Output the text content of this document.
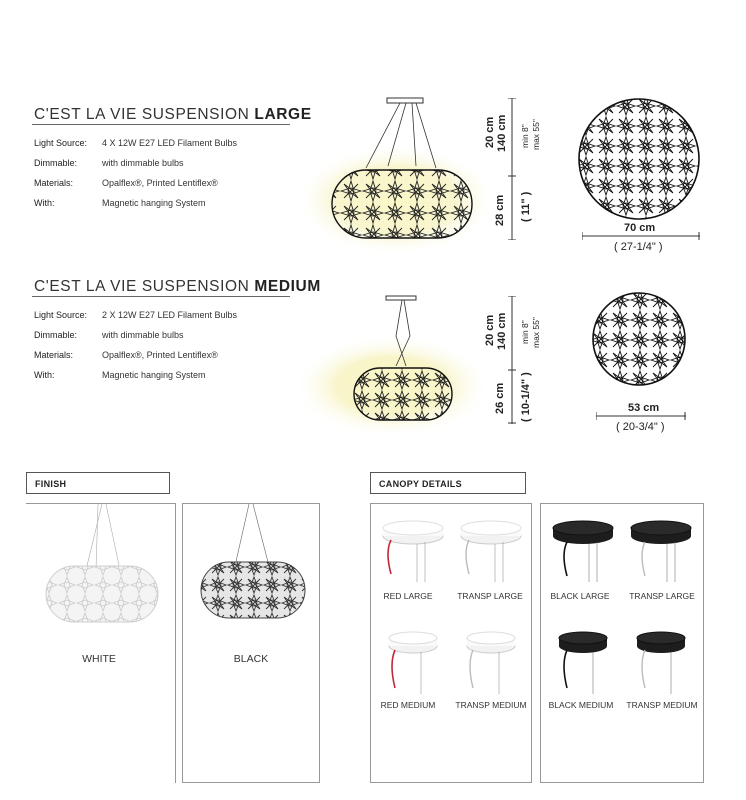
C'EST LA VIE SUSPENSION LARGE
Light Source: 4 X 12W E27 LED Filament Bulbs
Dimmable:	with dimmable bulbs
Materials:	Opalflex®, Printed Lentiflex®
With:	Magnetic hanging System
20 cm 140 cm min 8" max 55"
28 cm ( 11" )
70 cm
( 27-1/4" )
C'EST LA VIE SUSPENSION MEDIUM
Light Source: 2 X 12W E27 LED Filament Bulbs
Dimmable:	with dimmable bulbs
Materials:	Opalflex®, Printed Lentiflex®
With:	Magnetic hanging System
20 cm 140 cm min 8" max 55"
26 cm ( 10-1/4" )	53 cm
( 20-3/4" )
FINISH
WHITE	BLACK
CANOPY DETAILS
RED LARGE	TRANSP LARGE
RED MEDIUM	TRANSP MEDIUM
BLACK LARGE	TRANSP LARGE
BLACK MEDIUM	TRANSP MEDIUM
